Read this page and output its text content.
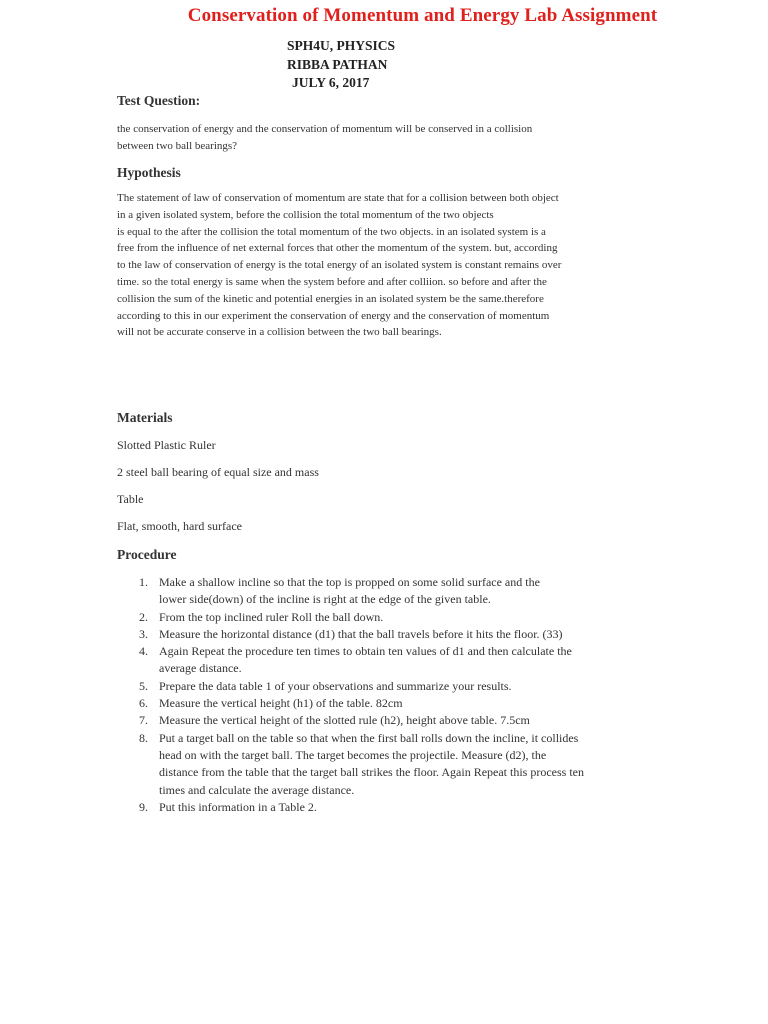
Conservation of Momentum and Energy Lab Assignment
SPH4U, PHYSICS
RIBBA PATHAN
JULY 6, 2017
Test Question:

the conservation of energy and the conservation of momentum will be conserved in a collision
between two ball bearings?

Hypothesis

The statement of law of conservation of momentum are state that for a collision between both object
in a given isolated system, before the collision the total momentum of the two objects
is equal to the after the collision the total momentum of the two objects. in an isolated system is a
free from the influence of net external forces that other the momentum of the system. but, according
to the law of conservation of energy is the total energy of an isolated system is constant remains over
time. so the total energy is same when the system before and after colliion. so before and after the
collision the sum of the kinetic and potential energies in an isolated system be the same.therefore
according to this in our experiment the conservation of energy and the conservation of momentum
will not be accurate conserve in a collision between the two ball bearings.

Materials

Slotted Plastic Ruler

2 steel ball bearing of equal size and mass

Table

Flat, smooth, hard surface

Procedure
1. Make a shallow incline so that the top is propped on some solid surface and the
lower side(down) of the incline is right at the edge of the given table.
2. From the top inclined ruler Roll the ball down.
3. Measure the horizontal distance (d1) that the ball travels before it hits the floor. (33)
4. Again Repeat the procedure ten times to obtain ten values of d1 and then calculate the
average distance.
5. Prepare the data table 1 of your observations and summarize your results.
6. Measure the vertical height (h1) of the table. 82cm
7. Measure the vertical height of the slotted rule (h2), height above table. 7.5cm
8. Put a target ball on the table so that when the first ball rolls down the incline, it collides
head on with the target ball. The target becomes the projectile. Measure (d2), the
distance from the table that the target ball strikes the floor. Again Repeat this process ten
times and calculate the average distance.
9. Put this information in a Table 2.
